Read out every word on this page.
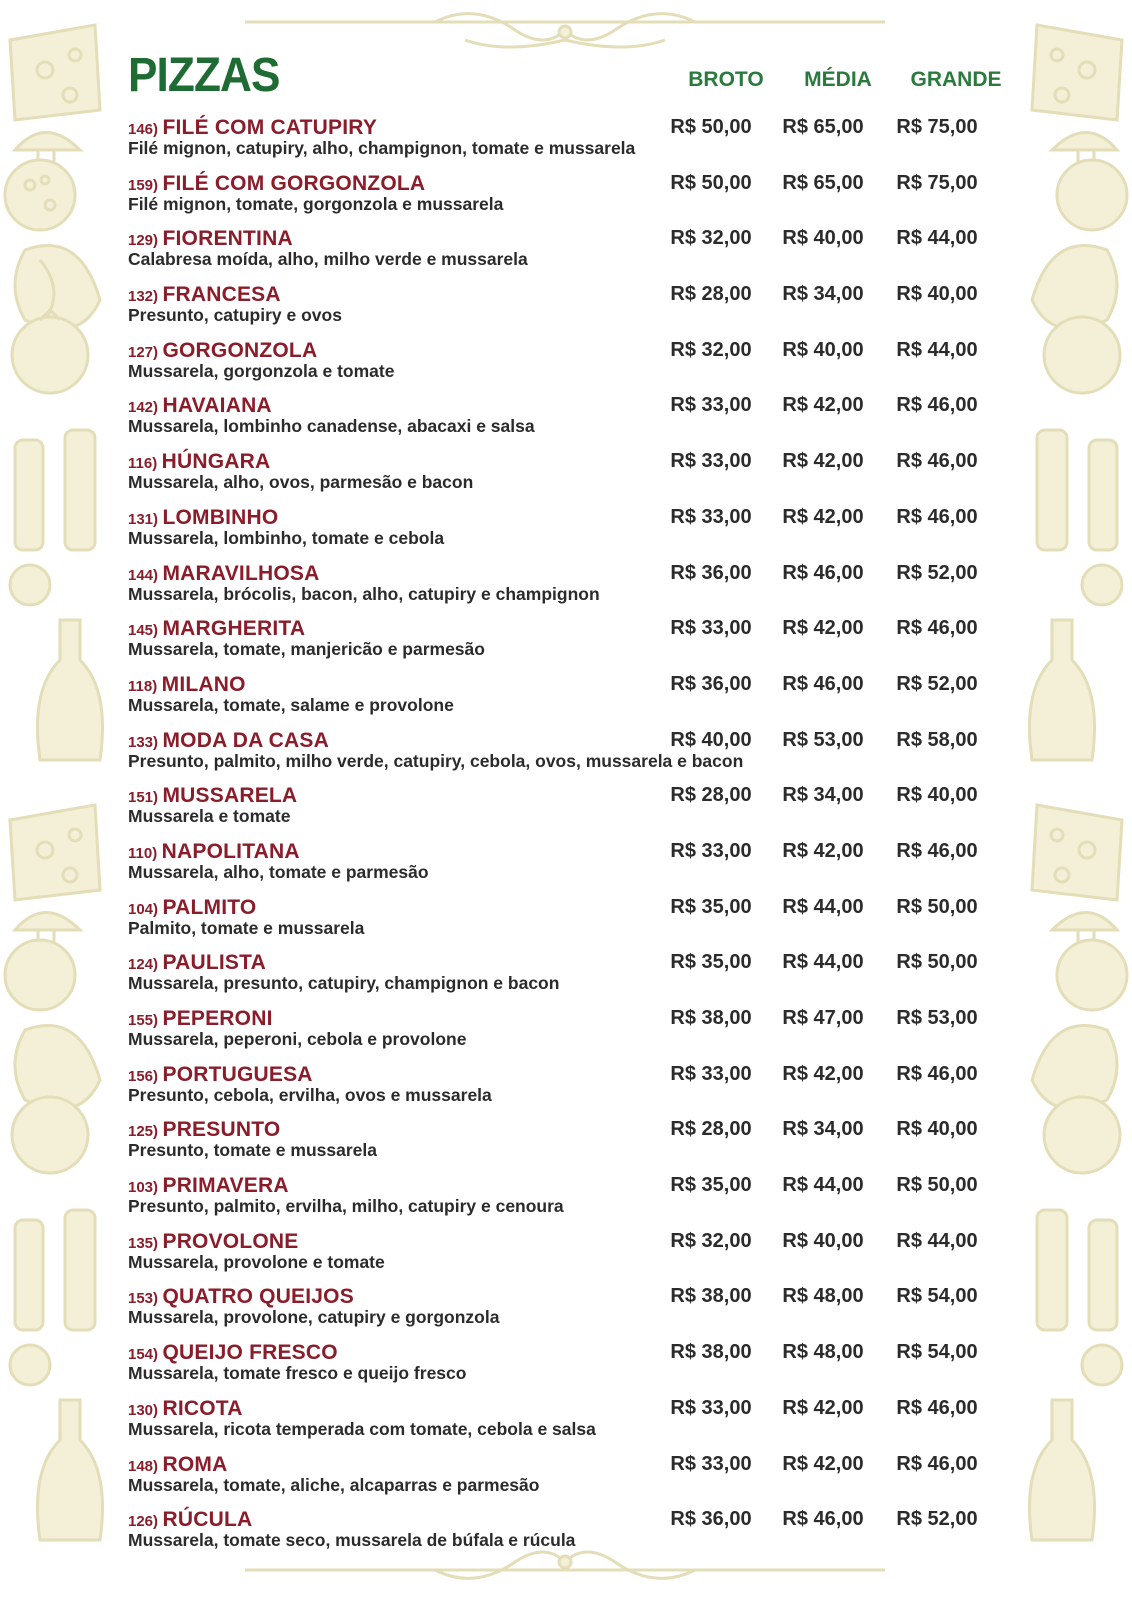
PIZZAS	BROTO	MÉDIA	GRANDE
146) FILÉ COM CATUPIRY
Filé mignon, catupiry, alho, champignon, tomate e mussarela
R$ 50,00	R$ 65,00	R$ 75,00
159) FILÉ COM GORGONZOLA
Filé mignon, tomate, gorgonzola e mussarela
R$ 50,00	R$ 65,00	R$ 75,00
129) FIORENTINA
Calabresa moída, alho, milho verde e mussarela
R$ 32,00	R$ 40,00	R$ 44,00
132) FRANCESA
Presunto, catupiry e ovos
R$ 28,00	R$ 34,00	R$ 40,00
127) GORGONZOLA
Mussarela, gorgonzola e tomate
R$ 32,00	R$ 40,00	R$ 44,00
142) HAVAIANA
Mussarela, lombinho canadense, abacaxi e salsa
R$ 33,00	R$ 42,00	R$ 46,00
116) HÚNGARA
Mussarela, alho, ovos, parmesão e bacon
R$ 33,00	R$ 42,00	R$ 46,00
131) LOMBINHO
Mussarela, lombinho, tomate e cebola
R$ 33,00	R$ 42,00	R$ 46,00
144) MARAVILHOSA
Mussarela, brócolis, bacon, alho, catupiry e champignon
R$ 36,00	R$ 46,00	R$ 52,00
145) MARGHERITA
Mussarela, tomate, manjericão e parmesão
R$ 33,00	R$ 42,00	R$ 46,00
118) MILANO
Mussarela, tomate, salame e provolone
R$ 36,00	R$ 46,00	R$ 52,00
133) MODA DA CASA
Presunto, palmito, milho verde, catupiry, cebola, ovos, mussarela e bacon
R$ 40,00	R$ 53,00	R$ 58,00
151) MUSSARELA
Mussarela e tomate
R$ 28,00	R$ 34,00	R$ 40,00
110) NAPOLITANA
Mussarela, alho, tomate e parmesão
R$ 33,00	R$ 42,00	R$ 46,00
104) PALMITO
Palmito, tomate e mussarela
R$ 35,00	R$ 44,00	R$ 50,00
124) PAULISTA
Mussarela, presunto, catupiry, champignon e bacon
R$ 35,00	R$ 44,00	R$ 50,00
155) PEPERONI
Mussarela, peperoni, cebola e provolone
R$ 38,00	R$ 47,00	R$ 53,00
156) PORTUGUESA
Presunto, cebola, ervilha, ovos e mussarela
R$ 33,00	R$ 42,00	R$ 46,00
125) PRESUNTO
Presunto, tomate e mussarela
R$ 28,00	R$ 34,00	R$ 40,00
103) PRIMAVERA
Presunto, palmito, ervilha, milho, catupiry e cenoura
R$ 35,00	R$ 44,00	R$ 50,00
135) PROVOLONE
Mussarela, provolone e tomate
R$ 32,00	R$ 40,00	R$ 44,00
153) QUATRO QUEIJOS
Mussarela, provolone, catupiry e gorgonzola
R$ 38,00	R$ 48,00	R$ 54,00
154) QUEIJO FRESCO
Mussarela, tomate fresco e queijo fresco
R$ 38,00	R$ 48,00	R$ 54,00
130) RICOTA
Mussarela, ricota temperada com tomate, cebola e salsa
R$ 33,00	R$ 42,00	R$ 46,00
148) ROMA
Mussarela, tomate, aliche, alcaparras e parmesão
R$ 33,00	R$ 42,00	R$ 46,00
126) RÚCULA
Mussarela, tomate seco, mussarela de búfala e rúcula
R$ 36,00	R$ 46,00	R$ 52,00
